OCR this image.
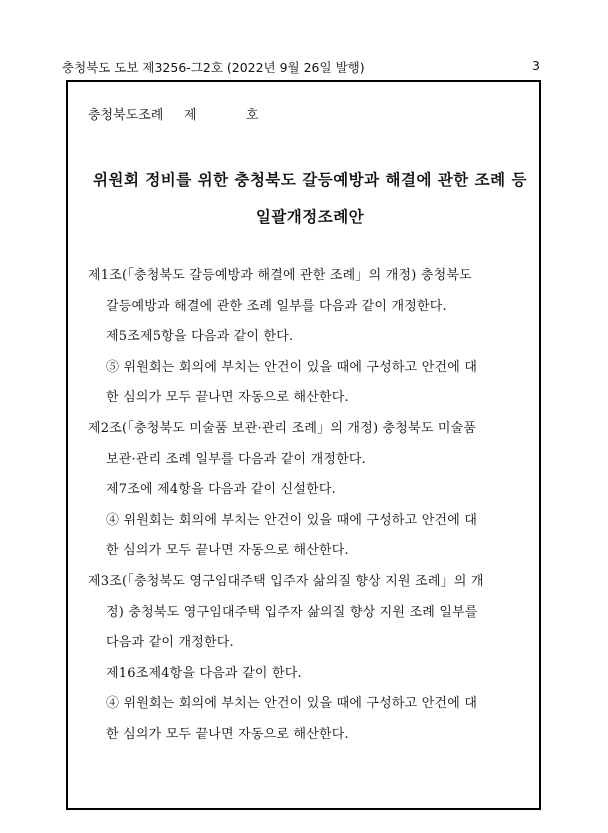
충청북도 도보 제3256-그2호 (2022년 9월 26일 발행)	3
충청북도조례 제	호
위원회 정비를 위한 충청북도 갈등예방과 해결에 관한 조례 등
일괄개정조례안
제1조(「충청북도 갈등예방과 해결에 관한 조례」의 개정) 충청북도
갈등예방과 해결에 관한 조례 일부를 다음과 같이 개정한다.
제5조제5항을 다음과 같이 한다.
⑤ 위원회는 회의에 부치는 안건이 있을 때에 구성하고 안건에 대
한 심의가 모두 끝나면 자동으로 해산한다.
제2조(「충청북도 미술품 보관·관리 조례」의 개정) 충청북도 미술품
보관·관리 조례 일부를 다음과 같이 개정한다.
제7조에 제4항을 다음과 같이 신설한다.
④ 위원회는 회의에 부치는 안건이 있을 때에 구성하고 안건에 대
한 심의가 모두 끝나면 자동으로 해산한다.
제3조(「충청북도 영구임대주택 입주자 삶의질 향상 지원 조례」의 개
정) 충청북도 영구임대주택 입주자 삶의질 향상 지원 조례 일부를
다음과 같이 개정한다.
제16조제4항을 다음과 같이 한다.
④ 위원회는 회의에 부치는 안건이 있을 때에 구성하고 안건에 대
한 심의가 모두 끝나면 자동으로 해산한다.
